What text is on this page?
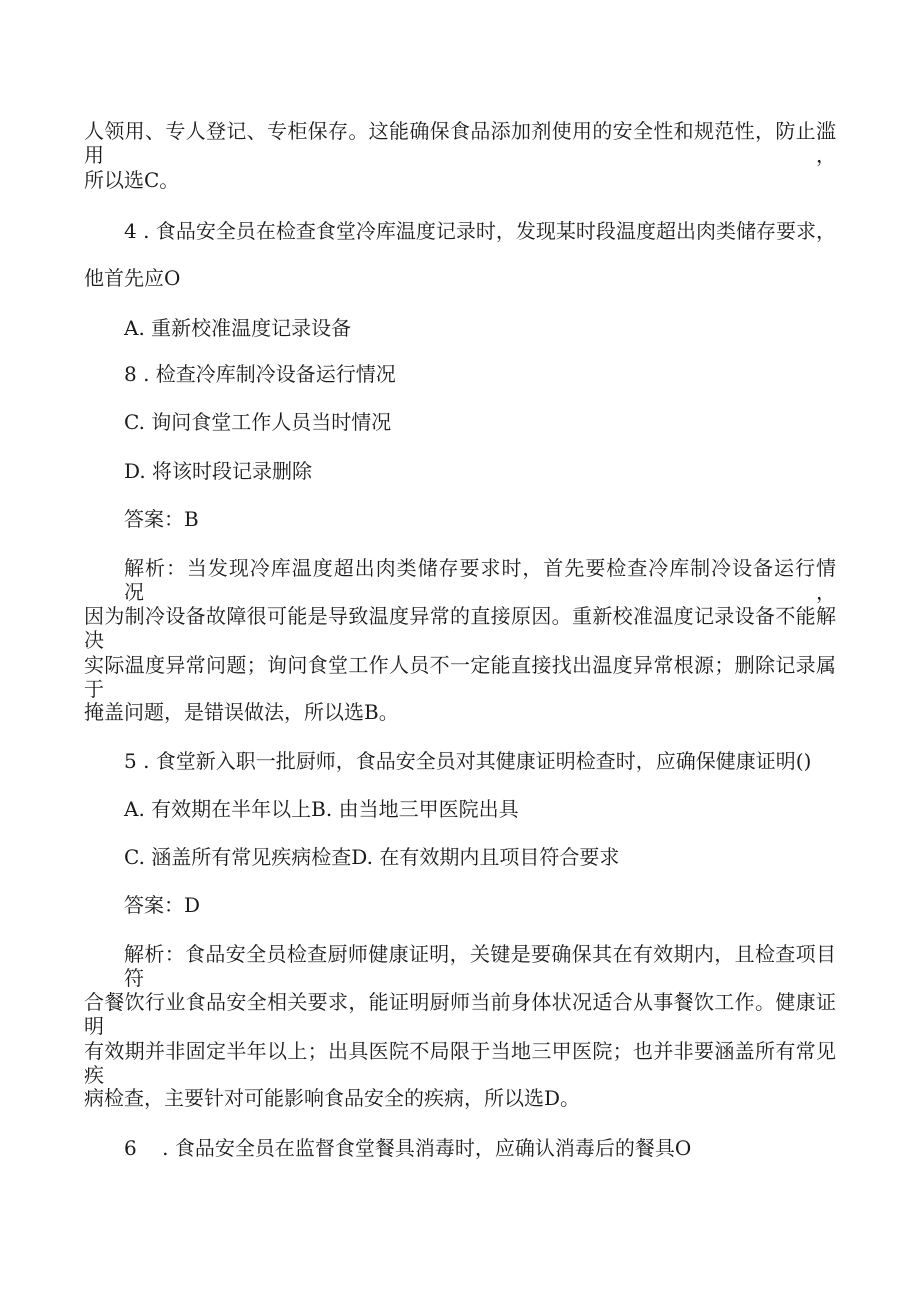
人领用、专人登记、专柜保存。这能确保食品添加剂使用的安全性和规范性，防止滥用，
所以选C。
4 . 食品安全员在检查食堂冷库温度记录时，发现某时段温度超出肉类储存要求，
他首先应O
A. 重新校准温度记录设备
8 . 检查冷库制冷设备运行情况
C. 询问食堂工作人员当时情况
D. 将该时段记录删除
答案：B
解析：当发现冷库温度超出肉类储存要求时，首先要检查冷库制冷设备运行情况，
因为制冷设备故障很可能是导致温度异常的直接原因。重新校准温度记录设备不能解决
实际温度异常问题；询问食堂工作人员不一定能直接找出温度异常根源；删除记录属于
掩盖问题，是错误做法，所以选B。
5 . 食堂新入职一批厨师，食品安全员对其健康证明检查时，应确保健康证明()
A. 有效期在半年以上B. 由当地三甲医院出具
C. 涵盖所有常见疾病检查D. 在有效期内且项目符合要求
答案：D
解析：食品安全员检查厨师健康证明，关键是要确保其在有效期内，且检查项目符
合餐饮行业食品安全相关要求，能证明厨师当前身体状况适合从事餐饮工作。健康证明
有效期并非固定半年以上；出具医院不局限于当地三甲医院；也并非要涵盖所有常见疾
病检查，主要针对可能影响食品安全的疾病，所以选D。
6    . 食品安全员在监督食堂餐具消毒时，应确认消毒后的餐具O
